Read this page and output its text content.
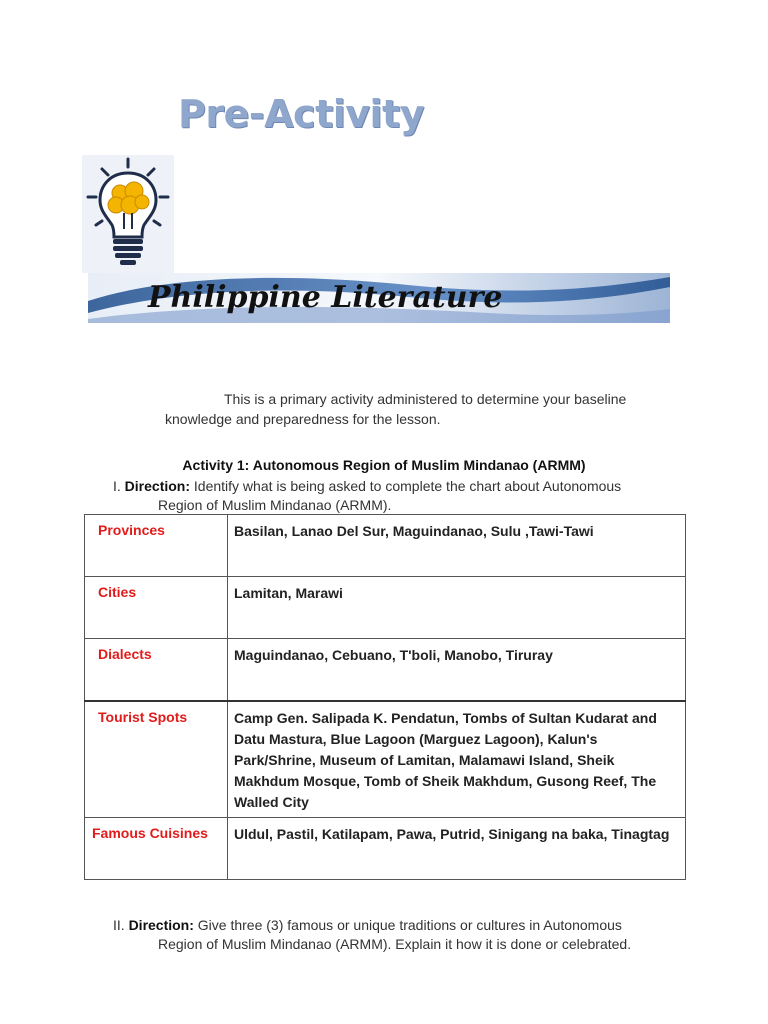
Pre-Activity
Philippine Literature
This is a primary activity administered to determine your baseline
knowledge and preparedness for the lesson.
Activity 1: Autonomous Region of Muslim Mindanao (ARMM)
I. Direction: Identify what is being asked to complete the chart about Autonomous
Region of Muslim Mindanao (ARMM).
Provinces	Basilan, Lanao Del Sur, Maguindanao, Sulu ,Tawi-Tawi
Cities	Lamitan, Marawi
Dialects	Maguindanao, Cebuano, T'boli, Manobo, Tiruray
Tourist Spots	Camp Gen. Salipada K. Pendatun, Tombs of Sultan Kudarat and Datu Mastura, Blue Lagoon (Marguez Lagoon), Kalun's Park/Shrine, Museum of Lamitan, Malamawi Island, Sheik Makhdum Mosque, Tomb of Sheik Makhdum, Gusong Reef, The Walled City
Famous Cuisines	Uldul, Pastil, Katilapam, Pawa, Putrid, Sinigang na baka, Tinagtag
II. Direction: Give three (3) famous or unique traditions or cultures in Autonomous
Region of Muslim Mindanao (ARMM). Explain it how it is done or celebrated.
